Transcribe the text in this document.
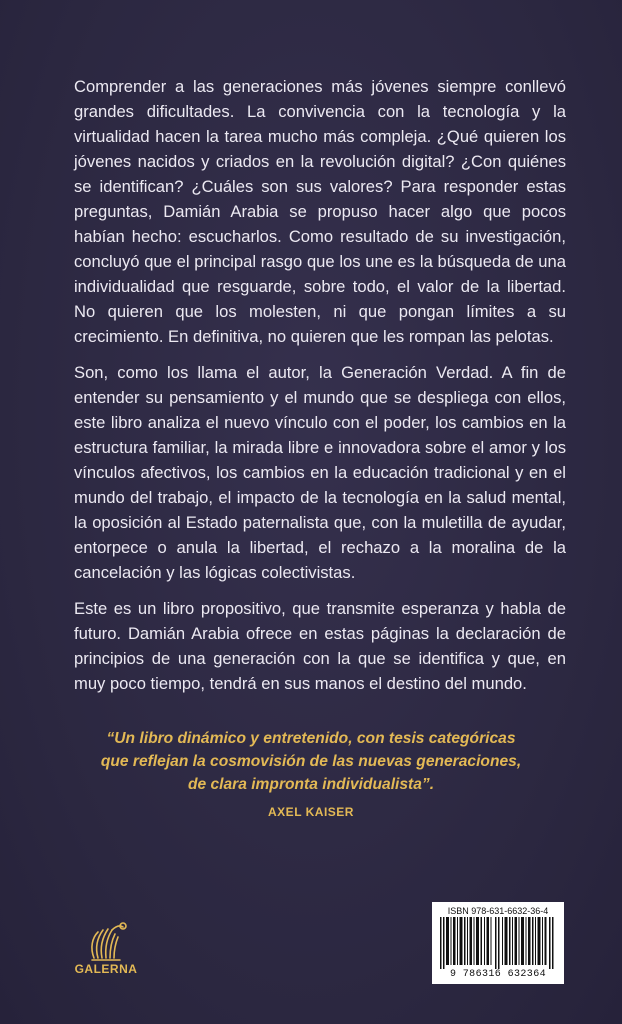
Comprender a las generaciones más jóvenes siempre conllevó grandes dificultades. La convivencia con la tecnología y la virtualidad hacen la tarea mucho más compleja. ¿Qué quieren los jóvenes nacidos y criados en la revolución digital? ¿Con quiénes se identifican? ¿Cuáles son sus valores? Para responder estas preguntas, Damián Arabia se propuso hacer algo que pocos habían hecho: escucharlos. Como resultado de su investigación, concluyó que el principal rasgo que los une es la búsqueda de una individualidad que resguarde, sobre todo, el valor de la libertad. No quieren que los molesten, ni que pongan límites a su crecimiento. En definitiva, no quieren que les rompan las pelotas.

Son, como los llama el autor, la Generación Verdad. A fin de entender su pensamiento y el mundo que se despliega con ellos, este libro analiza el nuevo vínculo con el poder, los cambios en la estructura familiar, la mirada libre e innovadora sobre el amor y los vínculos afectivos, los cambios en la educación tradicional y en el mundo del trabajo, el impacto de la tecnología en la salud mental, la oposición al Estado paternalista que, con la muletilla de ayudar, entorpece o anula la libertad, el rechazo a la moralina de la cancelación y las lógicas colectivistas.

Este es un libro propositivo, que transmite esperanza y habla de futuro. Damián Arabia ofrece en estas páginas la declaración de principios de una generación con la que se identifica y que, en muy poco tiempo, tendrá en sus manos el destino del mundo.

“Un libro dinámico y entretenido, con tesis categóricas
que reflejan la cosmovisión de las nuevas generaciones,
de clara impronta individualista”.
AXEL KAISER
GALERNA
ISBN 978-631-6632-36-4
9 786316 632364
